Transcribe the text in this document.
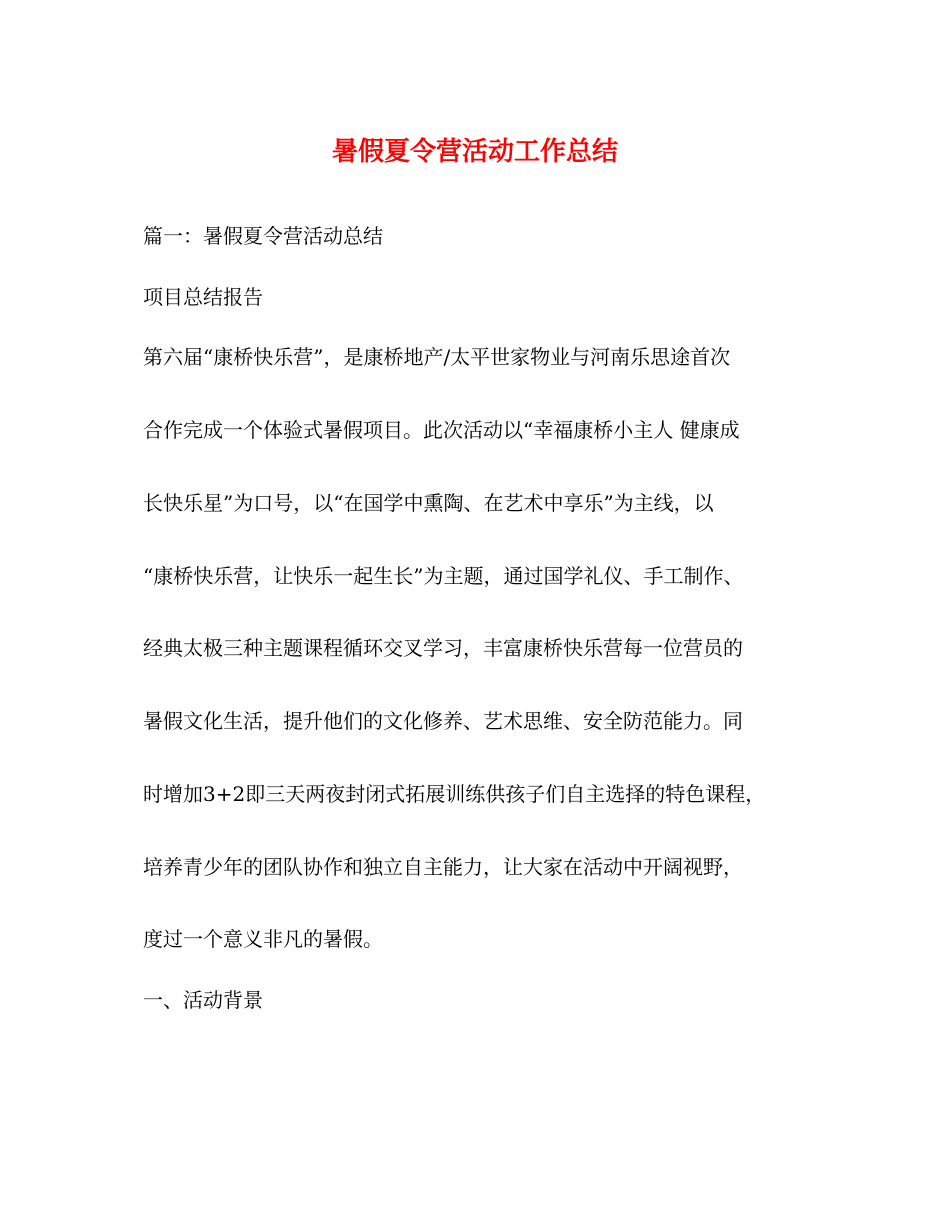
暑假夏令营活动工作总结
篇一：暑假夏令营活动总结
项目总结报告
第六届“康桥快乐营”，是康桥地产/太平世家物业与河南乐思途首次
合作完成一个体验式暑假项目。此次活动以“幸福康桥小主人 健康成
长快乐星”为口号，以“在国学中熏陶、在艺术中享乐”为主线，以
“康桥快乐营，让快乐一起生长”为主题，通过国学礼仪、手工制作、
经典太极三种主题课程循环交叉学习，丰富康桥快乐营每一位营员的
暑假文化生活，提升他们的文化修养、艺术思维、安全防范能力。同
时增加3+2即三天两夜封闭式拓展训练供孩子们自主选择的特色课程，
培养青少年的团队协作和独立自主能力，让大家在活动中开阔视野，
度过一个意义非凡的暑假。
一、活动背景
